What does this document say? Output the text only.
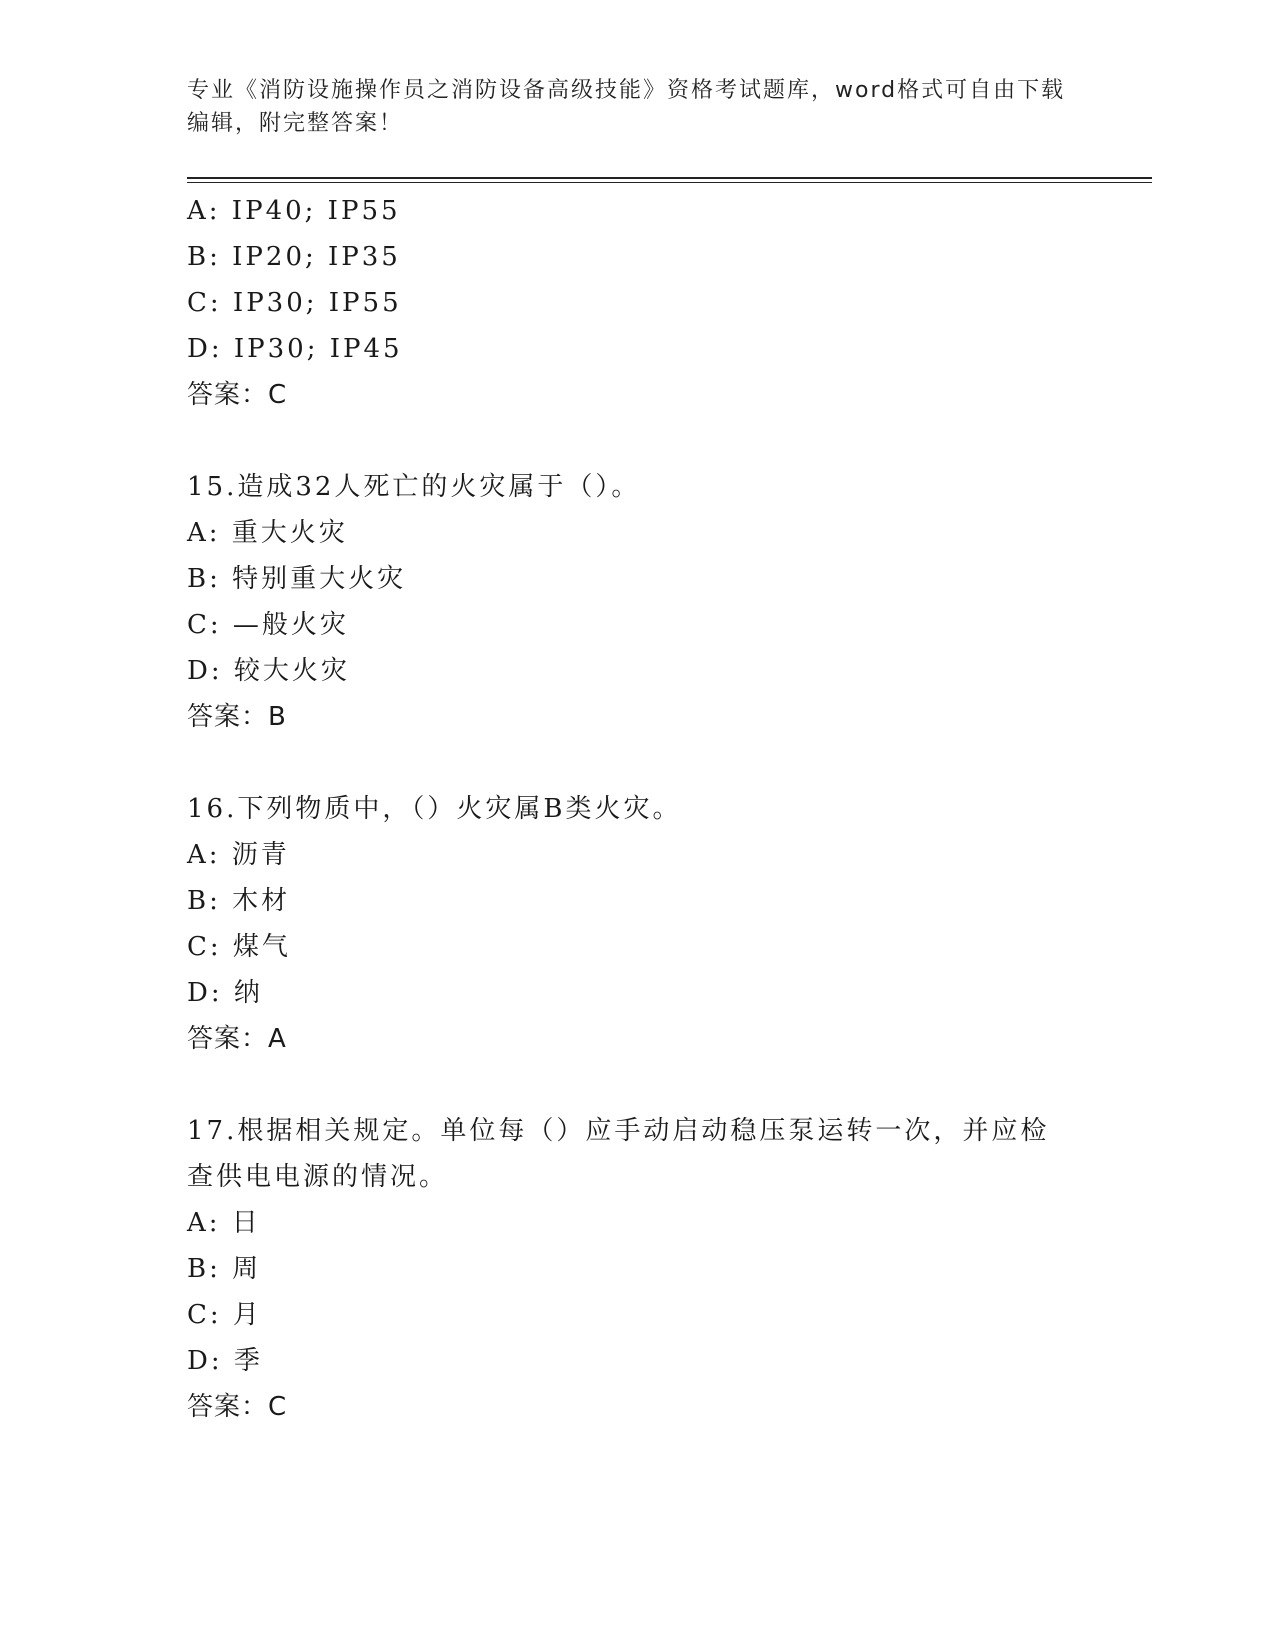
专业《消防设施操作员之消防设备高级技能》资格考试题库，word格式可自由下载编辑，附完整答案！
A: IP40; IP55
B: IP20; IP35
C: IP30; IP55
D: IP30; IP45
答案：C
15.造成32人死亡的火灾属于（）。
A: 重大火灾
B: 特别重大火灾
C: —般火灾
D: 较大火灾
答案：B
16.下列物质中，（）火灾属B类火灾。
A: 沥青
B: 木材
C: 煤气
D: 纳
答案：A
17.根据相关规定。单位每（）应手动启动稳压泵运转一次，并应检查供电电源的情况。
A: 日
B: 周
C: 月
D: 季
答案：C
